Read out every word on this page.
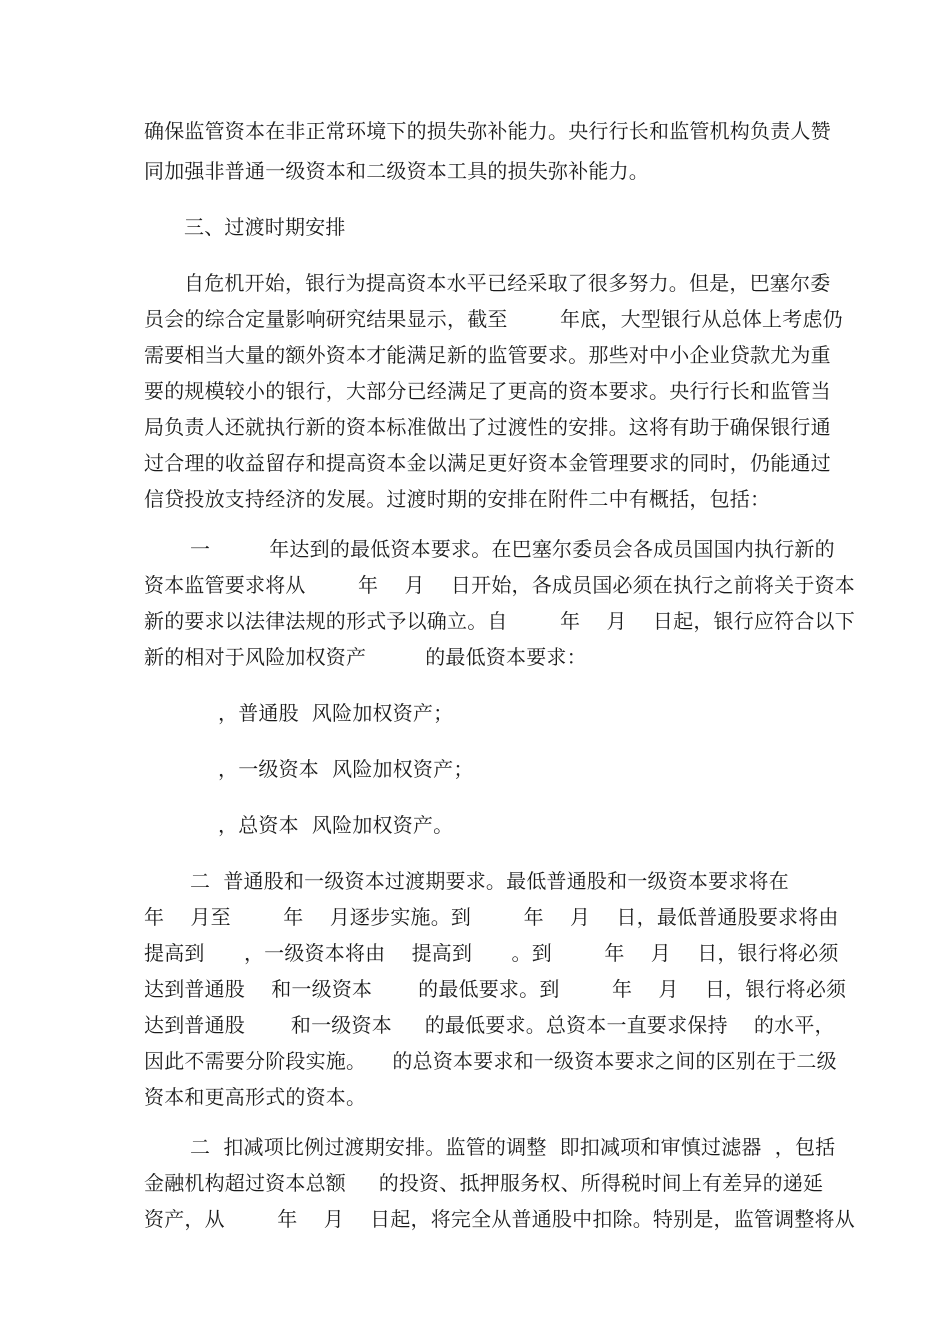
确保监管资本在非正常环境下的损失弥补能力。央行行长和监管机构负责人赞
同加强非普通一级资本和二级资本工具的损失弥补能力。
三、过渡时期安排
自危机开始，银行为提高资本水平已经采取了很多努力。但是，巴塞尔委
员会的综合定量影响研究结果显示，截至        年底，大型银行从总体上考虑仍
需要相当大量的额外资本才能满足新的监管要求。那些对中小企业贷款尤为重
要的规模较小的银行，大部分已经满足了更高的资本要求。央行行长和监管当
局负责人还就执行新的资本标准做出了过渡性的安排。这将有助于确保银行通
过合理的收益留存和提高资本金以满足更好资本金管理要求的同时，仍能通过
信贷投放支持经济的发展。过渡时期的安排在附件二中有概括，包括：
一         年达到的最低资本要求。在巴塞尔委员会各成员国国内执行新的
资本监管要求将从        年    月    日开始，各成员国必须在执行之前将关于资本
新的要求以法律法规的形式予以确立。自        年    月    日起，银行应符合以下
新的相对于风险加权资产         的最低资本要求：
，普通股  风险加权资产；
，一级资本  风险加权资产；
，总资本  风险加权资产。
二  普通股和一级资本过渡期要求。最低普通股和一级资本要求将在
年    月至        年    月逐步实施。到        年    月    日，最低普通股要求将由
提高到      ，一级资本将由    提高到      。到        年    月    日，银行将必须
达到普通股    和一级资本       的最低要求。到        年    月    日，银行将必须
达到普通股       和一级资本     的最低要求。总资本一直要求保持    的水平，
因此不需要分阶段实施。    的总资本要求和一级资本要求之间的区别在于二级
资本和更高形式的资本。
二  扣减项比例过渡期安排。监管的调整  即扣减项和审慎过滤器  ，包括
金融机构超过资本总额     的投资、抵押服务权、所得税时间上有差异的递延
资产，从        年    月    日起，将完全从普通股中扣除。特别是，监管调整将从
